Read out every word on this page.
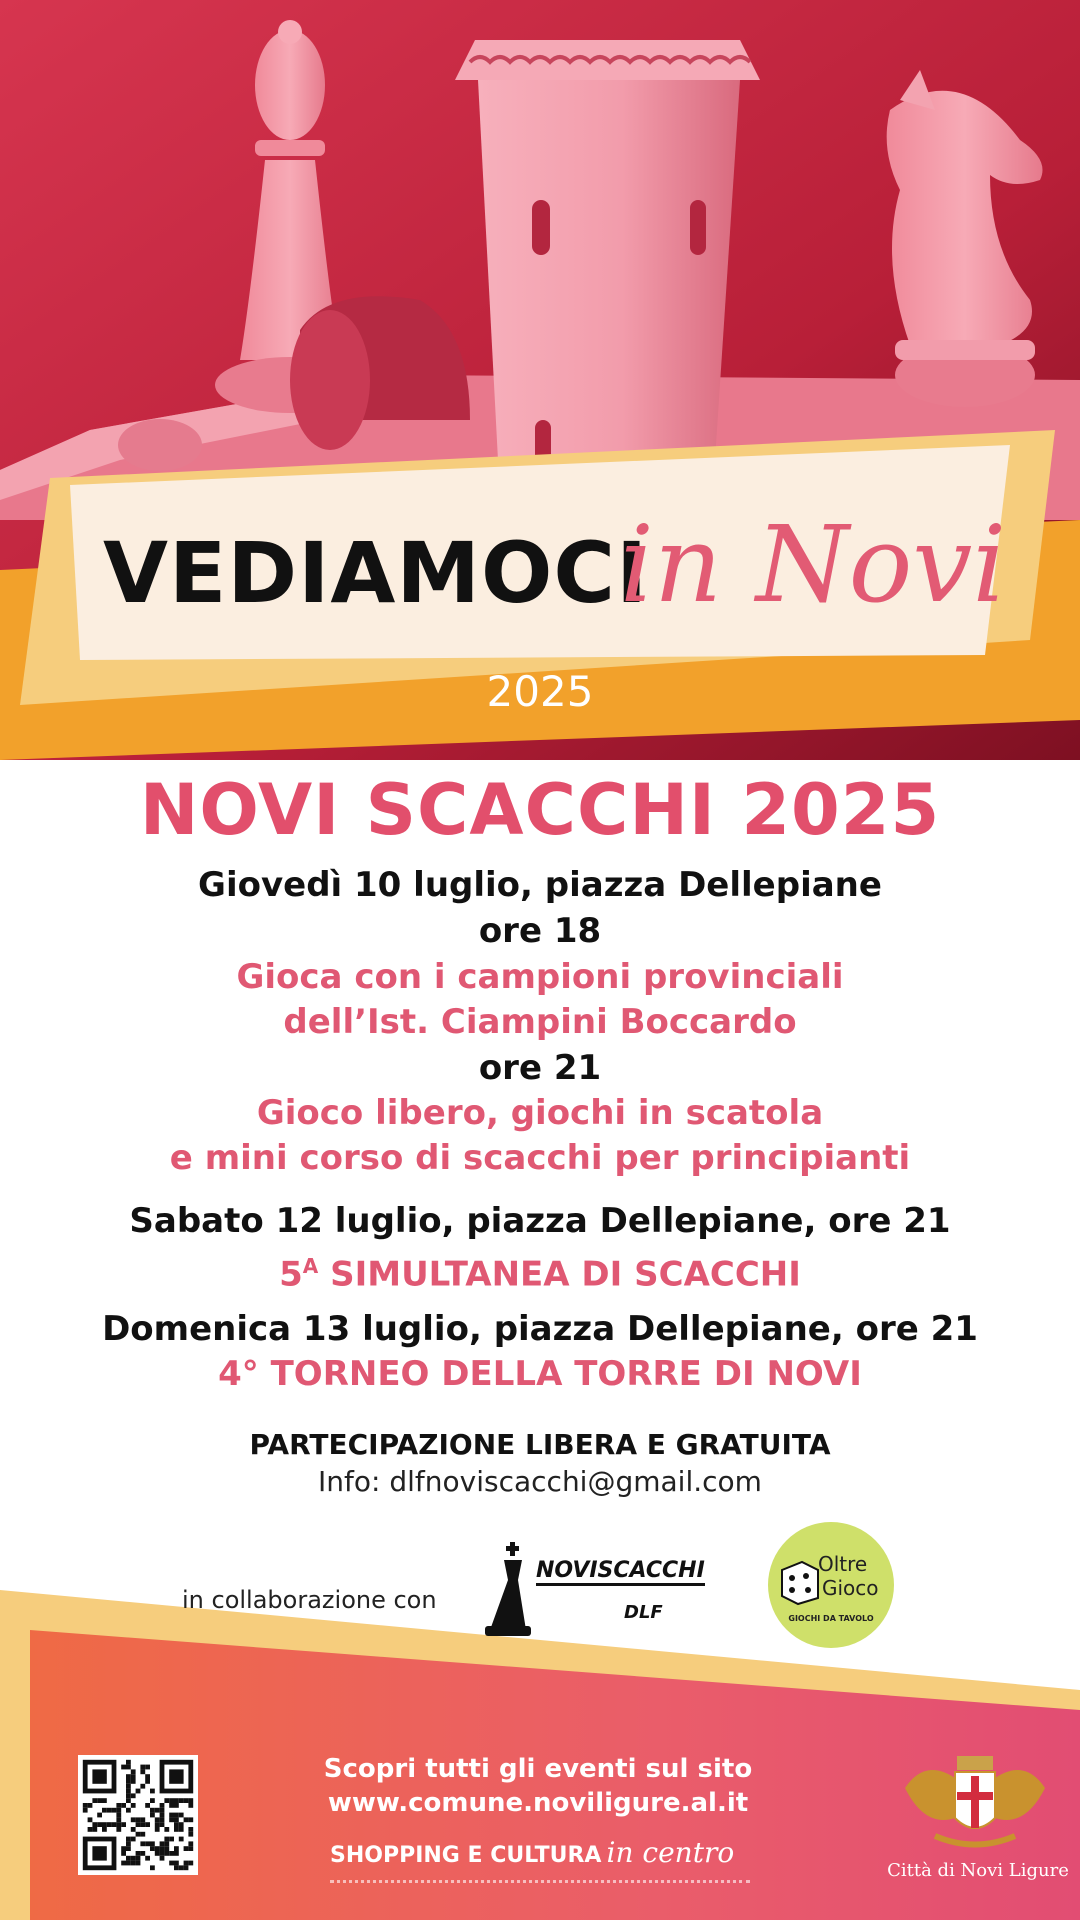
VEDIAMOCI
in Novi
2025
NOVI SCACCHI 2025
Giovedì 10 luglio, piazza Dellepiane
ore 18
Gioca con i campioni provinciali
dell’Ist. Ciampini Boccardo
ore 21
Gioco libero, giochi in scatola
e mini corso di scacchi per principianti
Sabato 12 luglio, piazza Dellepiane, ore 21
$5^A$ SIMULTANEA DI SCACCHI
Domenica 13 luglio, piazza Dellepiane, ore 21
4° TORNEO DELLA TORRE DI NOVI
PARTECIPAZIONE LIBERA E GRATUITA
Info: dlfnoviscacchi@gmail.com
in collaborazione con
NOVISCACCHI
DLF
Oltre
Gioco
GIOCHI DA TAVOLO
Scopri tutti gli eventi sul sito
www.comune.noviligure.al.it
SHOPPING E CULTURA in centro
Città di Novi Ligure
